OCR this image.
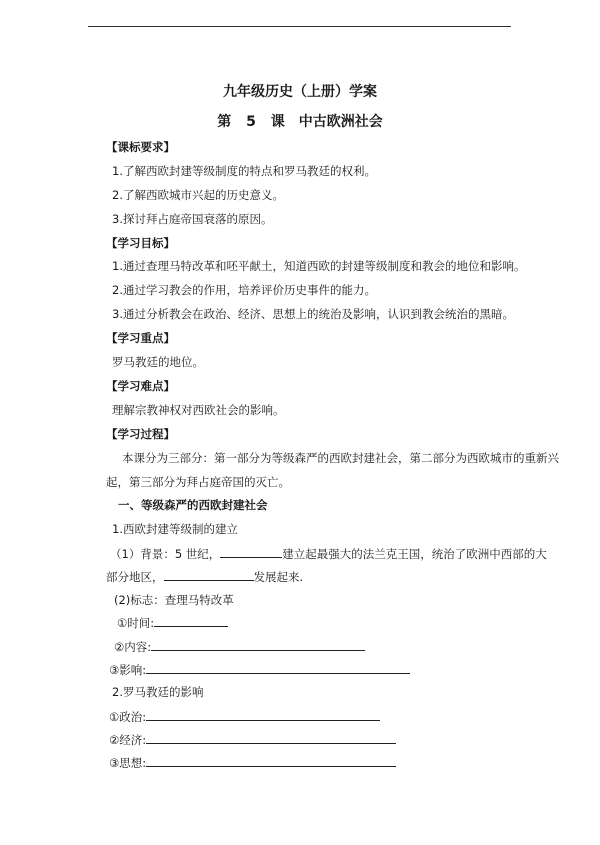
九年级历史（上册）学案
第 5 课　中古欧洲社会
【课标要求】
1.了解西欧封建等级制度的特点和罗马教廷的权利。
2.了解西欧城市兴起的历史意义。
3.探讨拜占庭帝国衰落的原因。
【学习目标】
1.通过查理马特改革和呸平献土，知道西欧的封建等级制度和教会的地位和影响。
2.通过学习教会的作用，培养评价历史事件的能力。
3.通过分析教会在政治、经济、思想上的统治及影响，认识到教会统治的黑暗。
【学习重点】
罗马教廷的地位。
【学习难点】
理解宗教神权对西欧社会的影响。
【学习过程】
本课分为三部分：第一部分为等级森严的西欧封建社会，第二部分为西欧城市的重新兴
起，第三部分为拜占庭帝国的灭亡。
一、等级森严的西欧封建社会
1.西欧封建等级制的建立
（1）背景：5 世纪，	建立起最强大的法兰克王国，统治了欧洲中西部的大
部分地区，	发展起来.
(2)标志：查理马特改革
①时间:
②内容:
③影响:
2.罗马教廷的影响
①政治:
②经济:
③思想:
